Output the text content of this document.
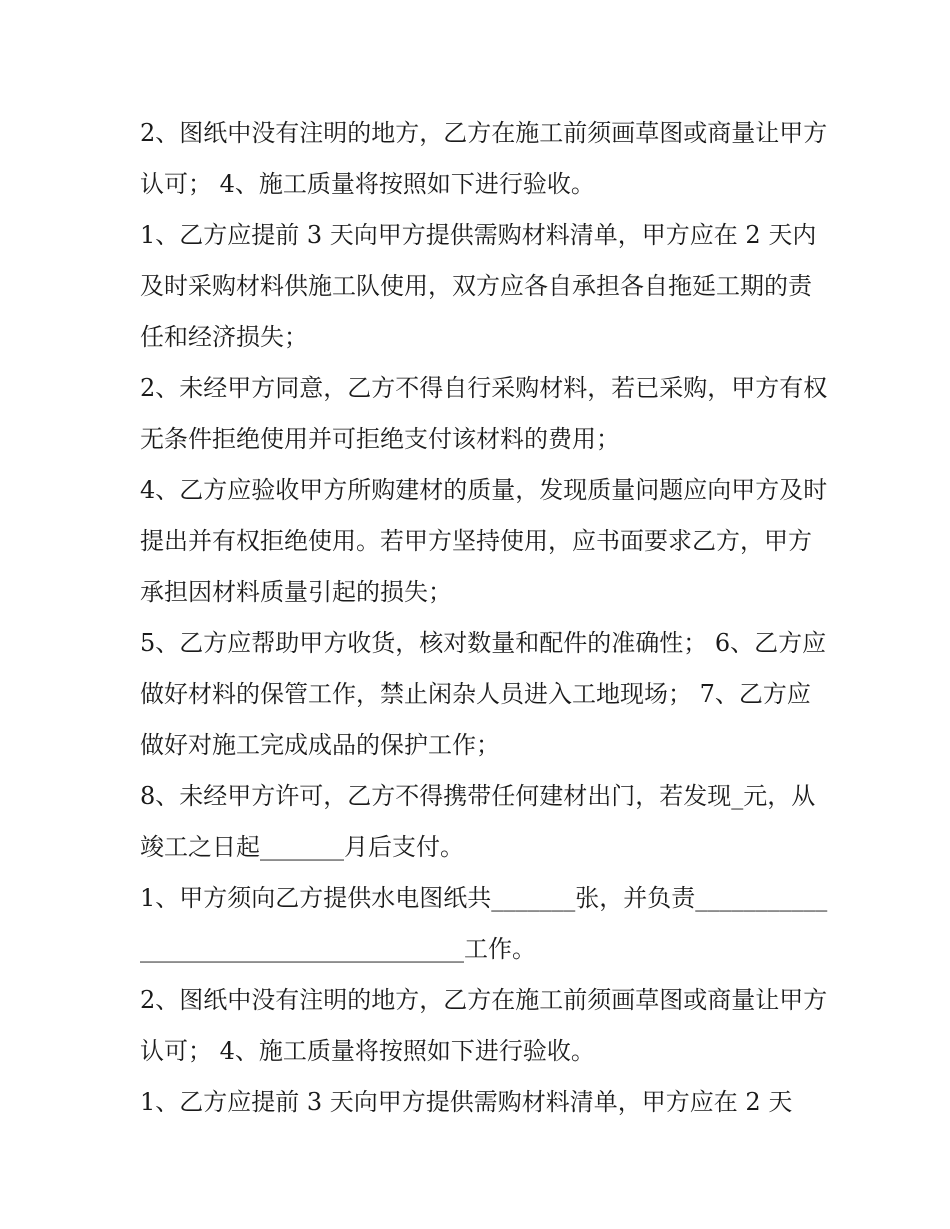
2、图纸中没有注明的地方，乙方在施工前须画草图或商量让甲方认可； 4、施工质量将按照如下进行验收。

1、乙方应提前 3 天向甲方提供需购材料清单，甲方应在 2 天内及时采购材料供施工队使用，双方应各自承担各自拖延工期的责任和经济损失；

2、未经甲方同意，乙方不得自行采购材料，若已采购，甲方有权无条件拒绝使用并可拒绝支付该材料的费用；

4、乙方应验收甲方所购建材的质量，发现质量问题应向甲方及时提出并有权拒绝使用。若甲方坚持使用，应书面要求乙方，甲方承担因材料质量引起的损失；

5、乙方应帮助甲方收货，核对数量和配件的准确性； 6、乙方应做好材料的保管工作，禁止闲杂人员进入工地现场； 7、乙方应做好对施工完成成品的保护工作；

8、未经甲方许可，乙方不得携带任何建材出门，若发现_元，从竣工之日起_______月后支付。

1、甲方须向乙方提供水电图纸共_______张，并负责______________________________________工作。

2、图纸中没有注明的地方，乙方在施工前须画草图或商量让甲方认可； 4、施工质量将按照如下进行验收。

1、乙方应提前 3 天向甲方提供需购材料清单，甲方应在 2 天
